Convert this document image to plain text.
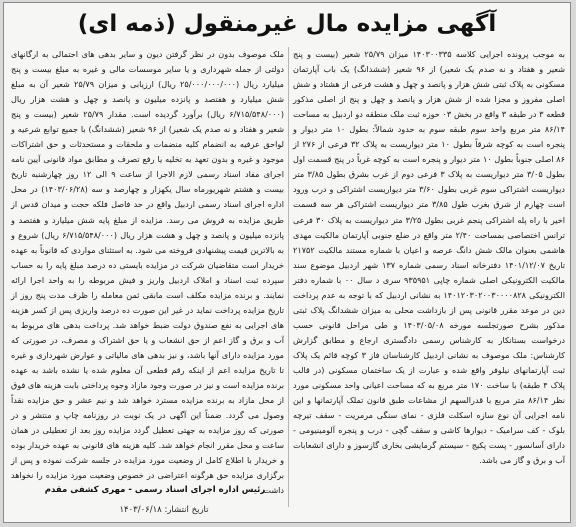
آگهی مزایده مال غیرمنقول (ذمه ای)
به موجب پرونده اجرایی کلاسه ۱۴۰۳۰۰۳۳۵ میزان ۲۵/۷۹ شعیر (بیست و پنج شعیر و هفتاد و نه صدم یک شعیر) از ۹۶ شعیر (ششدانگ) یک باب آپارتمان مسکونی به پلاک ثبتی شش هزار و پانصد و چهل و هشت فرعی از هشتاد و شش اصلی مفروز و مجزا شده از شش هزار و پانصد و چهل و پنج از اصلی مذکور قطعه ۳ در طبقه ۳ واقع در بخش ۰۳ حوزه ثبت ملک منطقه دو اردبیل به مساحت ۸۶/۱۴ متر مربع واحد سوم طبقه سوم به حدود شمالاً: بطول ۱۰ متر دیوار و پنجره است به کوچه شرقاً بطول ۱۰ متر دیواریست به پلاک ۳۲ فرعی از ۲۷۶ از ۸۶ اصلی جنوباً بطول ۱۰ متر دیوار و پنجره است به کوچه غرباً در پنج قسمت اول بطول ۳/۰۵ متر دیواریست به پلاک ۳ فرعی دوم از غرب بشرق بطول ۳/۸۵ متر دیواریست اشتراکی سوم غربی بطول ۳/۶۰ متر دیواریست اشتراکی و درب ورود است چهارم از شرق بغرب طول ۳/۸۵ متر دیواریست اشتراکی هر سه قسمت اخیر با راه پله اشتراکی پنجم غربی بطول ۳/۲۵ متر دیواریست به پلاک ۳۰ فرعی ترانس اختصاصی بمساحت ۲/۴۰ متر واقع در ضلع جنوبی آپارتمان مالکیت مهدی هاشمی بعنوان مالک شش دانگ عرصه و اعیان با شماره مستند مالکیت ۲۱۷۵۲ تاریخ ۱۴۰۱/۱۲/۰۷ دفترخانه اسناد رسمی شماره ۱۳۷ شهر اردبیل موضوع سند مالکیت الکترونیکی اصلی شماره چاپی ۹۳۵۹۵۱ سری د سال ۰۰ با شماره دفتر الکترونیکی ۱۴۰۱۲۰۳۰۲۰۰۳۰۰۰۰۸۲۸ به نشانی اردبیل که با توجه به عدم پرداخت دین در موعد مقرر قانونی پس از بازداشت محلی به میزان ششدانگ پلاک ثبتی مذکور بشرح صورتجلسه مورخه ۱۴۰۳/۰۵/۰۸ و طی مراحل قانونی حسب درخواست بستانکار به کارشناس رسمی دادگستری ارجاع و مطابق گزارش کارشناس: ملک موصوف به نشانی اردبیل کارشناسان فاز ۳ کوچه قائم یک پلاک ثبت آپارتمانهای نیلوفر واقع شده و عبارت از یک ساختمان مسکونی (در قالب پلاک ۴ طبقه) با ساخت ۱۷۰ متر مربع به که مساحت اعیانی واحد مسکونی مورد نظر ۸۶/۱۴ متر مربع با قدرالسهم از مشاعات طبق قانون تملک آپارتمانها و این نامه اجرایی آن نوع سازه اسکلت فلزی - نمای سنگی مرمریت - سقف تیرچه بلوک - کف سرامیک - دیوارها کاشی و سقف گچی - درب و پنجره آلومینیومی - دارای آسانسور - پست پکیج - سیستم گرمایشی بخاری گازسوز و دارای انشعابات آب و برق و گاز می باشد.
ملک موصوف بدون در نظر گرفتن دیون و سایر بدهی های احتمالی به ارگانهای دولتی از جمله شهرداری و یا سایر موسسات مالی و غیره به مبلغ بیست و پنج میلیارد ریال (۲۵/۰۰۰/۰۰۰/۰۰۰ ریال) ارزیابی و میزان ۲۵/۷۹ شعیر آن به مبلغ شش میلیارد و هفتصد و پانزده میلیون و پانصد و چهل و هشت هزار ریال (۶/۷۱۵/۵۴۸/۰۰۰ ریال) برآورد گردیده است. مقدار ۲۵/۷۹ شعیر (بیست و پنج شعیر و هفتاد و نه صدم یک شعیر) از ۹۶ شعیر (ششدانگ) با جمیع توابع شرعیه و لواحق عرفیه به انضمام کلیه منضمات و ملحقات و مستحدثات و حق اشتراکات موجود و غیره و بدون تعهد به تخلیه یا رفع تصرف و مطابق مواد قانونی آیین نامه اجرای مفاد اسناد رسمی لازم الاجرا از ساعت ۹ الی ۱۲ روز چهارشنبه تاریخ بیست و هشتم شهریورماه سال یکهزار و چهارصد و سه (۱۴۰۳/۰۶/۲۸) در محل اداره اجرای اسناد رسمی اردبیل واقع در حد فاصل فلکه حجت و میدان قدس از طریق مزایده به فروش می رسد. مزایده از مبلغ پایه شش میلیارد و هفتصد و پانزده میلیون و پانصد و چهل و هشت هزار ریال (۶/۷۱۵/۵۴۸/۰۰۰ ریال) شروع و به بالاترین قیمت پیشنهادی فروخته می شود. به استثنای مواردی که قانوناً به عهده خریدار است متقاضیان شرکت در مزایده بایستی ده درصد مبلغ پایه را به حساب سپرده ثبت اسناد و املاک اردبیل واریز و فیش مربوطه را به واحد اجرا ارائه نمایند. و برنده مزایده مکلف است مابقی ثمن معامله را ظرف مدت پنج روز از تاریخ مزایده پرداخت نماید در غیر این صورت ده درصد واریزی پس از کسر هزینه های اجرایی به نفع صندوق دولت ضبط خواهد شد. پرداخت بدهی های مربوط به آب و برق و گاز اعم از حق انشعاب و یا حق اشتراک و مصرف، در صورتی که مورد مزایده دارای آنها باشد، و نیز بدهی های مالیاتی و عوارض شهرداری و غیره تا تاریخ مزایده اعم از اینکه رقم قطعی آن معلوم شده یا نشده باشد به عهده برنده مزایده است و نیز در صورت وجود مازاد وجوه پرداختی بابت هزینه های فوق از محل مازاد به برنده مزایده مسترد خواهد شد و نیم عشر و حق مزایده نقداً وصول می گردد. ضمناً این آگهی در یک نوبت در روزنامه چاپ و منتشر و در صورتی که روز مزایده به جهتی تعطیل گردد مزایده روز بعد از تعطیلی در همان ساعت و محل مقرر انجام خواهد شد. کلیه هزینه های قانونی به عهده خریدار بوده و خریدار با اطلاع کامل از وضعیت مورد مزایده در جلسه شرکت نموده و پس از برگزاری مزایده حق هرگونه اعتراضی در خصوص وضعیت مورد مزایده را نخواهد داشت.
رئیس اداره اجرای اسناد رسمی - مهری کشفی مقدم
تاریخ انتشار: ۱۴۰۳/۰۶/۱۸
